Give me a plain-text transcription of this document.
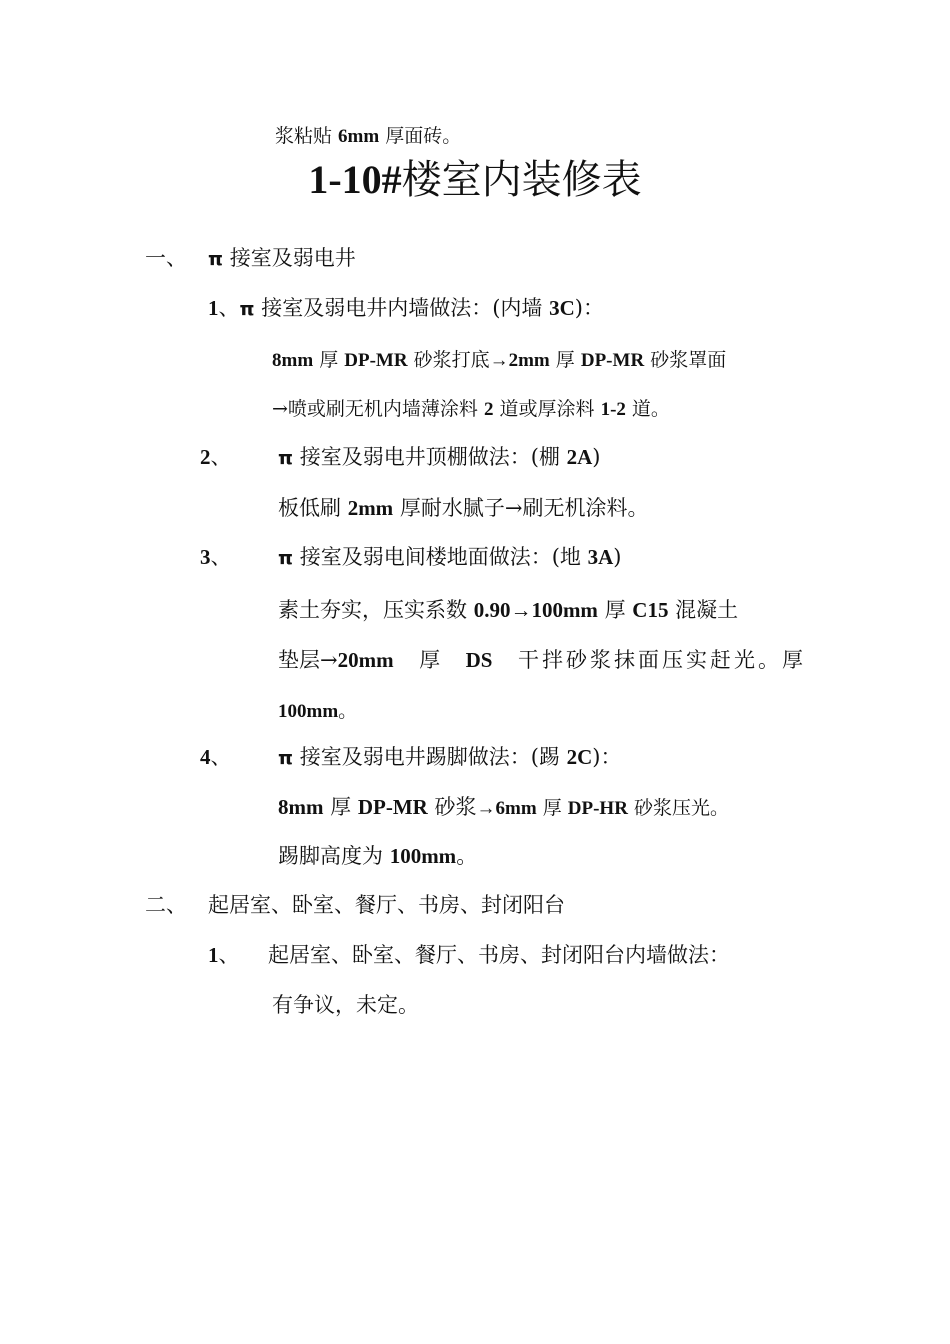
浆粘贴 6mm 厚面砖。
1-10#楼室内装修表
一、 π 接室及弱电井
1、π 接室及弱电井内墙做法：(内墙 3C)：
8mm 厚 DP-MR 砂浆打底→2mm 厚 DP-MR 砂浆罩面
→喷或刷无机内墙薄涂料 2 道或厚涂料 1-2 道。
2、 π 接室及弱电井顶棚做法：(棚 2A)
板低刷 2mm 厚耐水腻子→刷无机涂料。
3、 π 接室及弱电间楼地面做法：(地 3A)
素土夯实，压实系数 0.90→100mm 厚 C15 混凝土
垫层→20mm 厚 DS 干拌砂浆抹面压实赶光。厚
100mm。
4、 π 接室及弱电井踢脚做法：(踢 2C)：
8mm 厚 DP-MR 砂浆→6mm 厚 DP-HR 砂浆压光。
踢脚高度为 100mm。
二、 起居室、卧室、餐厅、书房、封闭阳台
1、 起居室、卧室、餐厅、书房、封闭阳台内墙做法：
有争议，未定。
